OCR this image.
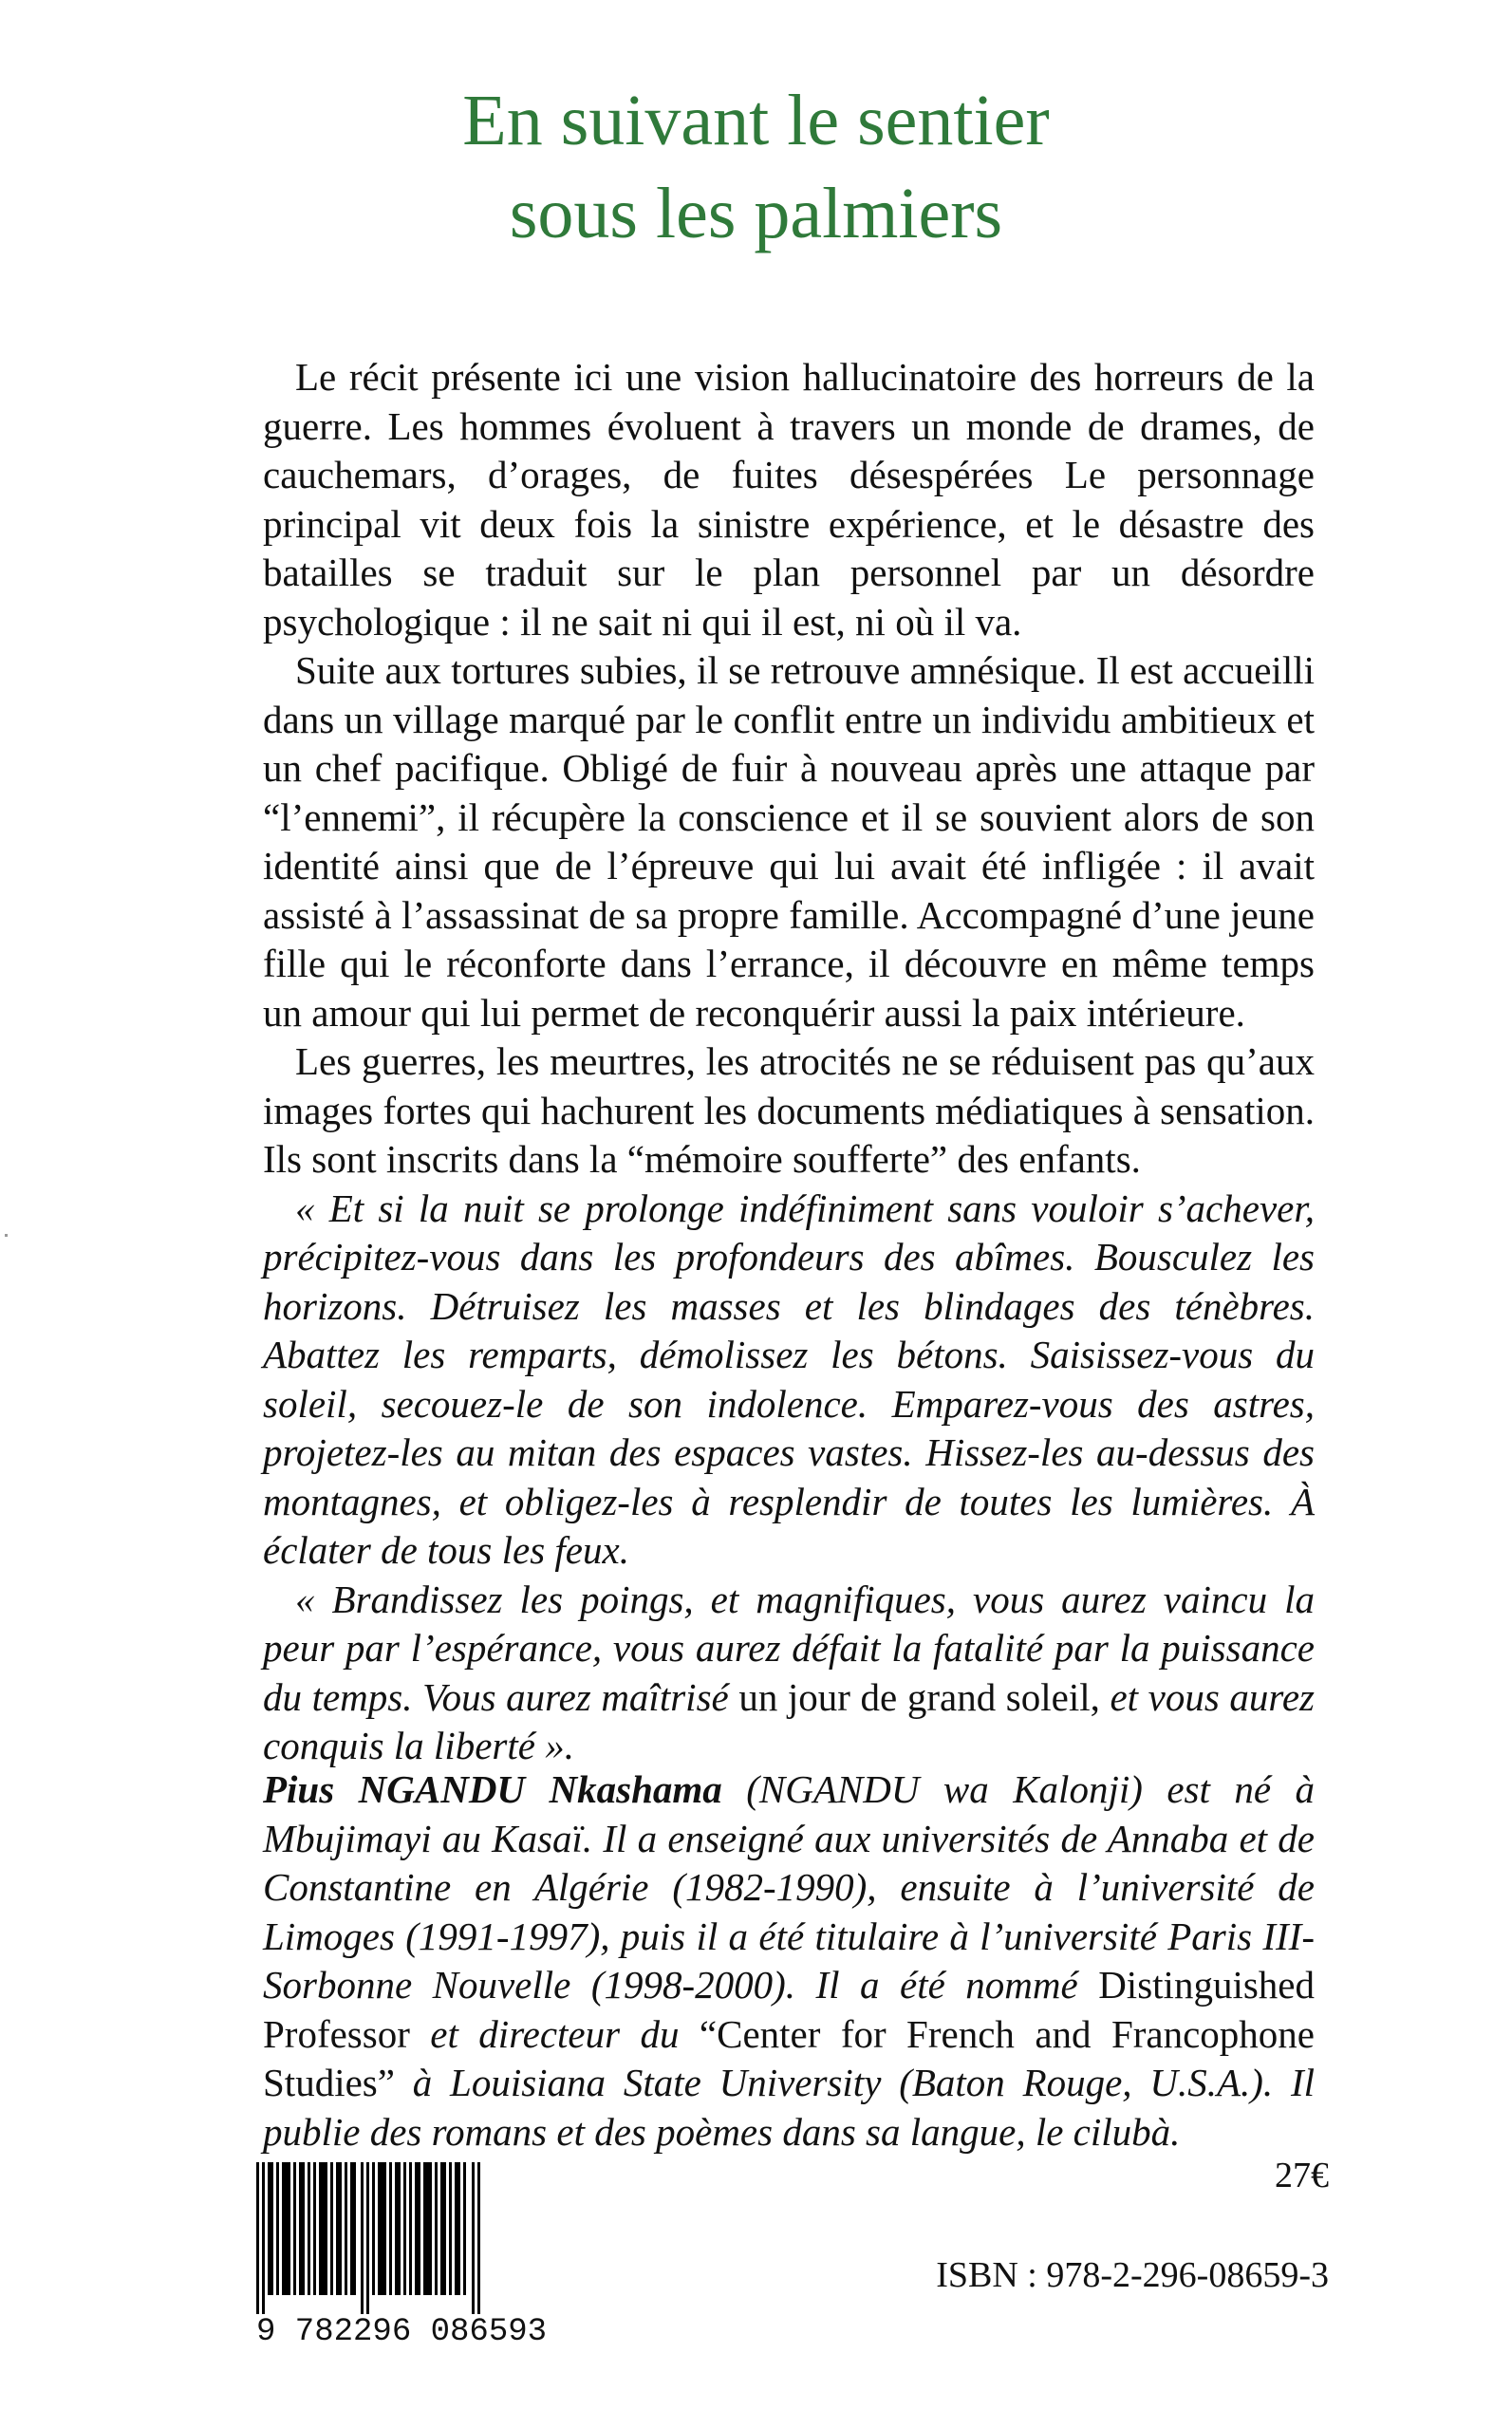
En suivant le sentier
sous les palmiers

Le récit présente ici une vision hallucinatoire des horreurs de la guerre. Les hommes évoluent à travers un monde de drames, de cauchemars, d’orages, de fuites désespérées Le personnage principal vit deux fois la sinistre expérience, et le désastre des batailles se traduit sur le plan personnel par un désordre psychologique : il ne sait ni qui il est, ni où il va.

Suite aux tortures subies, il se retrouve amnésique. Il est accueilli dans un village marqué par le conflit entre un individu ambitieux et un chef pacifique. Obligé de fuir à nouveau après une attaque par “l’ennemi”, il récupère la conscience et il se souvient alors de son identité ainsi que de l’épreuve qui lui avait été infligée : il avait assisté à l’assassinat de sa propre famille. Accompagné d’une jeune fille qui le réconforte dans l’errance, il découvre en même temps un amour qui lui permet de reconquérir aussi la paix intérieure.

Les guerres, les meurtres, les atrocités ne se réduisent pas qu’aux images fortes qui hachurent les documents médiatiques à sensation. Ils sont inscrits dans la “mémoire soufferte” des enfants.

« Et si la nuit se prolonge indéfiniment sans vouloir s’achever, précipitez-vous dans les profondeurs des abîmes. Bousculez les horizons. Détruisez les masses et les blindages des ténèbres. Abattez les remparts, démolissez les bétons. Saisissez-vous du soleil, secouez-le de son indolence. Emparez-vous des astres, projetez-les au mitan des espaces vastes. Hissez-les au-dessus des montagnes, et obligez-les à resplendir de toutes les lumières. À éclater de tous les feux.

« Brandissez les poings, et magnifiques, vous aurez vaincu la peur par l’espérance, vous aurez défait la fatalité par la puissance du temps. Vous aurez maîtrisé un jour de grand soleil, et vous aurez conquis la liberté ».

Pius NGANDU Nkashama (NGANDU wa Kalonji) est né à Mbujimayi au Kasaï. Il a enseigné aux universités de Annaba et de Constantine en Algérie (1982-1990), ensuite à l’université de Limoges (1991-1997), puis il a été titulaire à l’université Paris III-Sorbonne Nouvelle (1998-2000). Il a été nommé Distinguished Professor et directeur du “Center for French and Francophone Studies” à Louisiana State University (Baton Rouge, U.S.A.). Il publie des romans et des poèmes dans sa langue, le cilubà.
27€
9 782296 086593
ISBN : 978-2-296-08659-3
